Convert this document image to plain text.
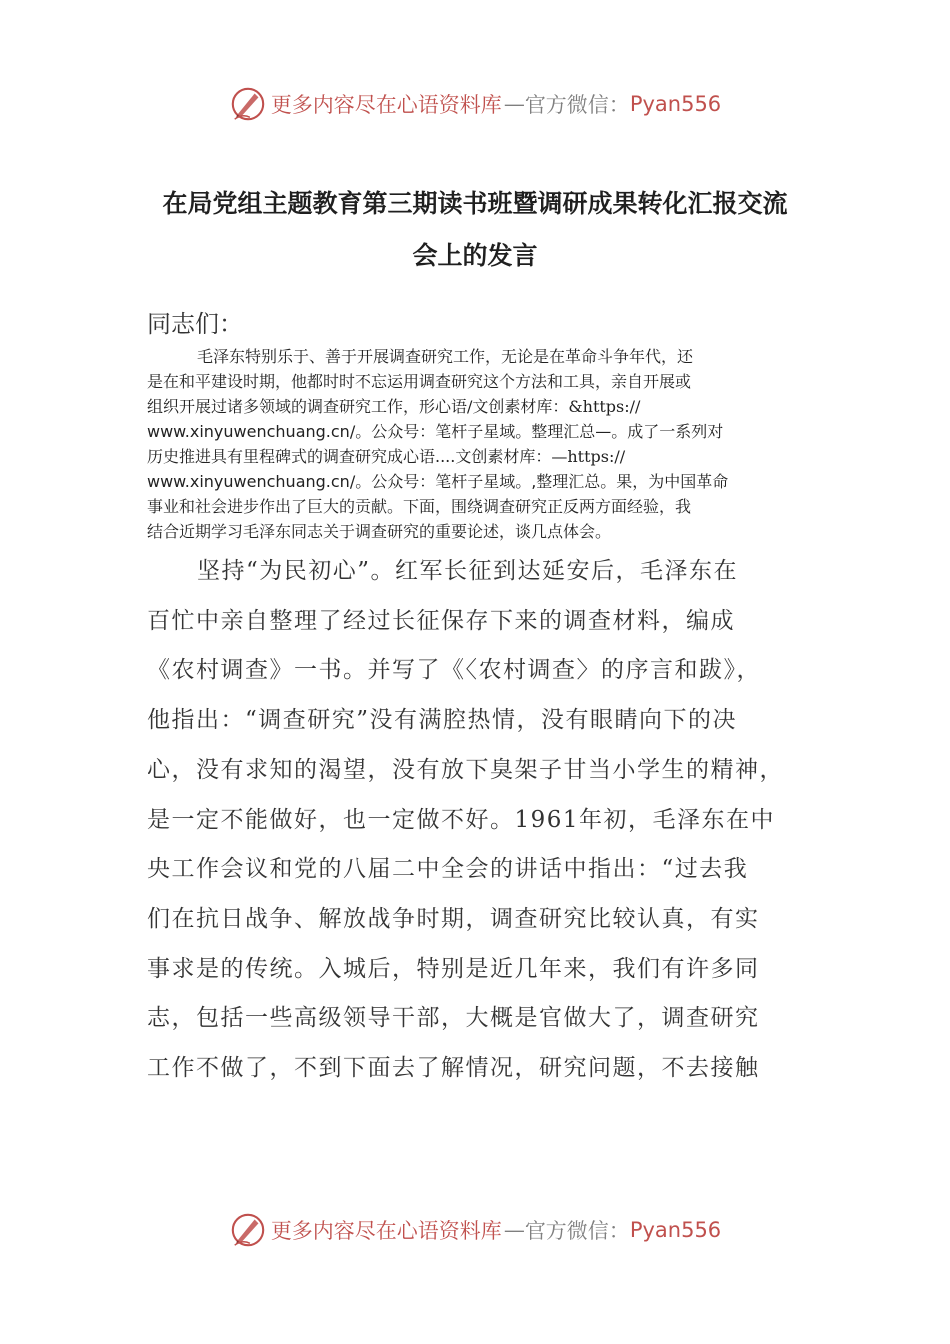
更多内容尽在心语资料库 — 官方微信： Pyan556
在局党组主题教育第三期读书班暨调研成果转化汇报交流
会上的发言
同志们：
毛泽东特别乐于、善于开展调查研究工作，无论是在革命斗争年代，还
是在和平建设时期，他都时时不忘运用调查研究这个方法和工具，亲自开展或
组织开展过诸多领域的调查研究工作，形心语/文创素材库：&https://
www.xinyuwenchuang.cn/。公众号：笔杆子星域。整理汇总—。成了一系列对
历史推进具有里程碑式的调查研究成心语....文创素材库：—https://
www.xinyuwenchuang.cn/。公众号：笔杆子星域。,整理汇总。果，为中国革命
事业和社会进步作出了巨大的贡献。下面，围绕调查研究正反两方面经验，我
结合近期学习毛泽东同志关于调查研究的重要论述，谈几点体会。
坚持“为民初心”。红军长征到达延安后，毛泽东在
百忙中亲自整理了经过长征保存下来的调查材料，编成
《农村调查》一书。并写了《〈农村调查〉的序言和跋》，
他指出：“调查研究”没有满腔热情，没有眼睛向下的决
心，没有求知的渴望，没有放下臭架子甘当小学生的精神，
是一定不能做好，也一定做不好。1961年初，毛泽东在中
央工作会议和党的八届二中全会的讲话中指出：“过去我
们在抗日战争、解放战争时期，调查研究比较认真，有实
事求是的传统。入城后，特别是近几年来，我们有许多同
志，包括一些高级领导干部，大概是官做大了，调查研究
工作不做了，不到下面去了解情况，研究问题，不去接触
更多内容尽在心语资料库 — 官方微信： Pyan556
